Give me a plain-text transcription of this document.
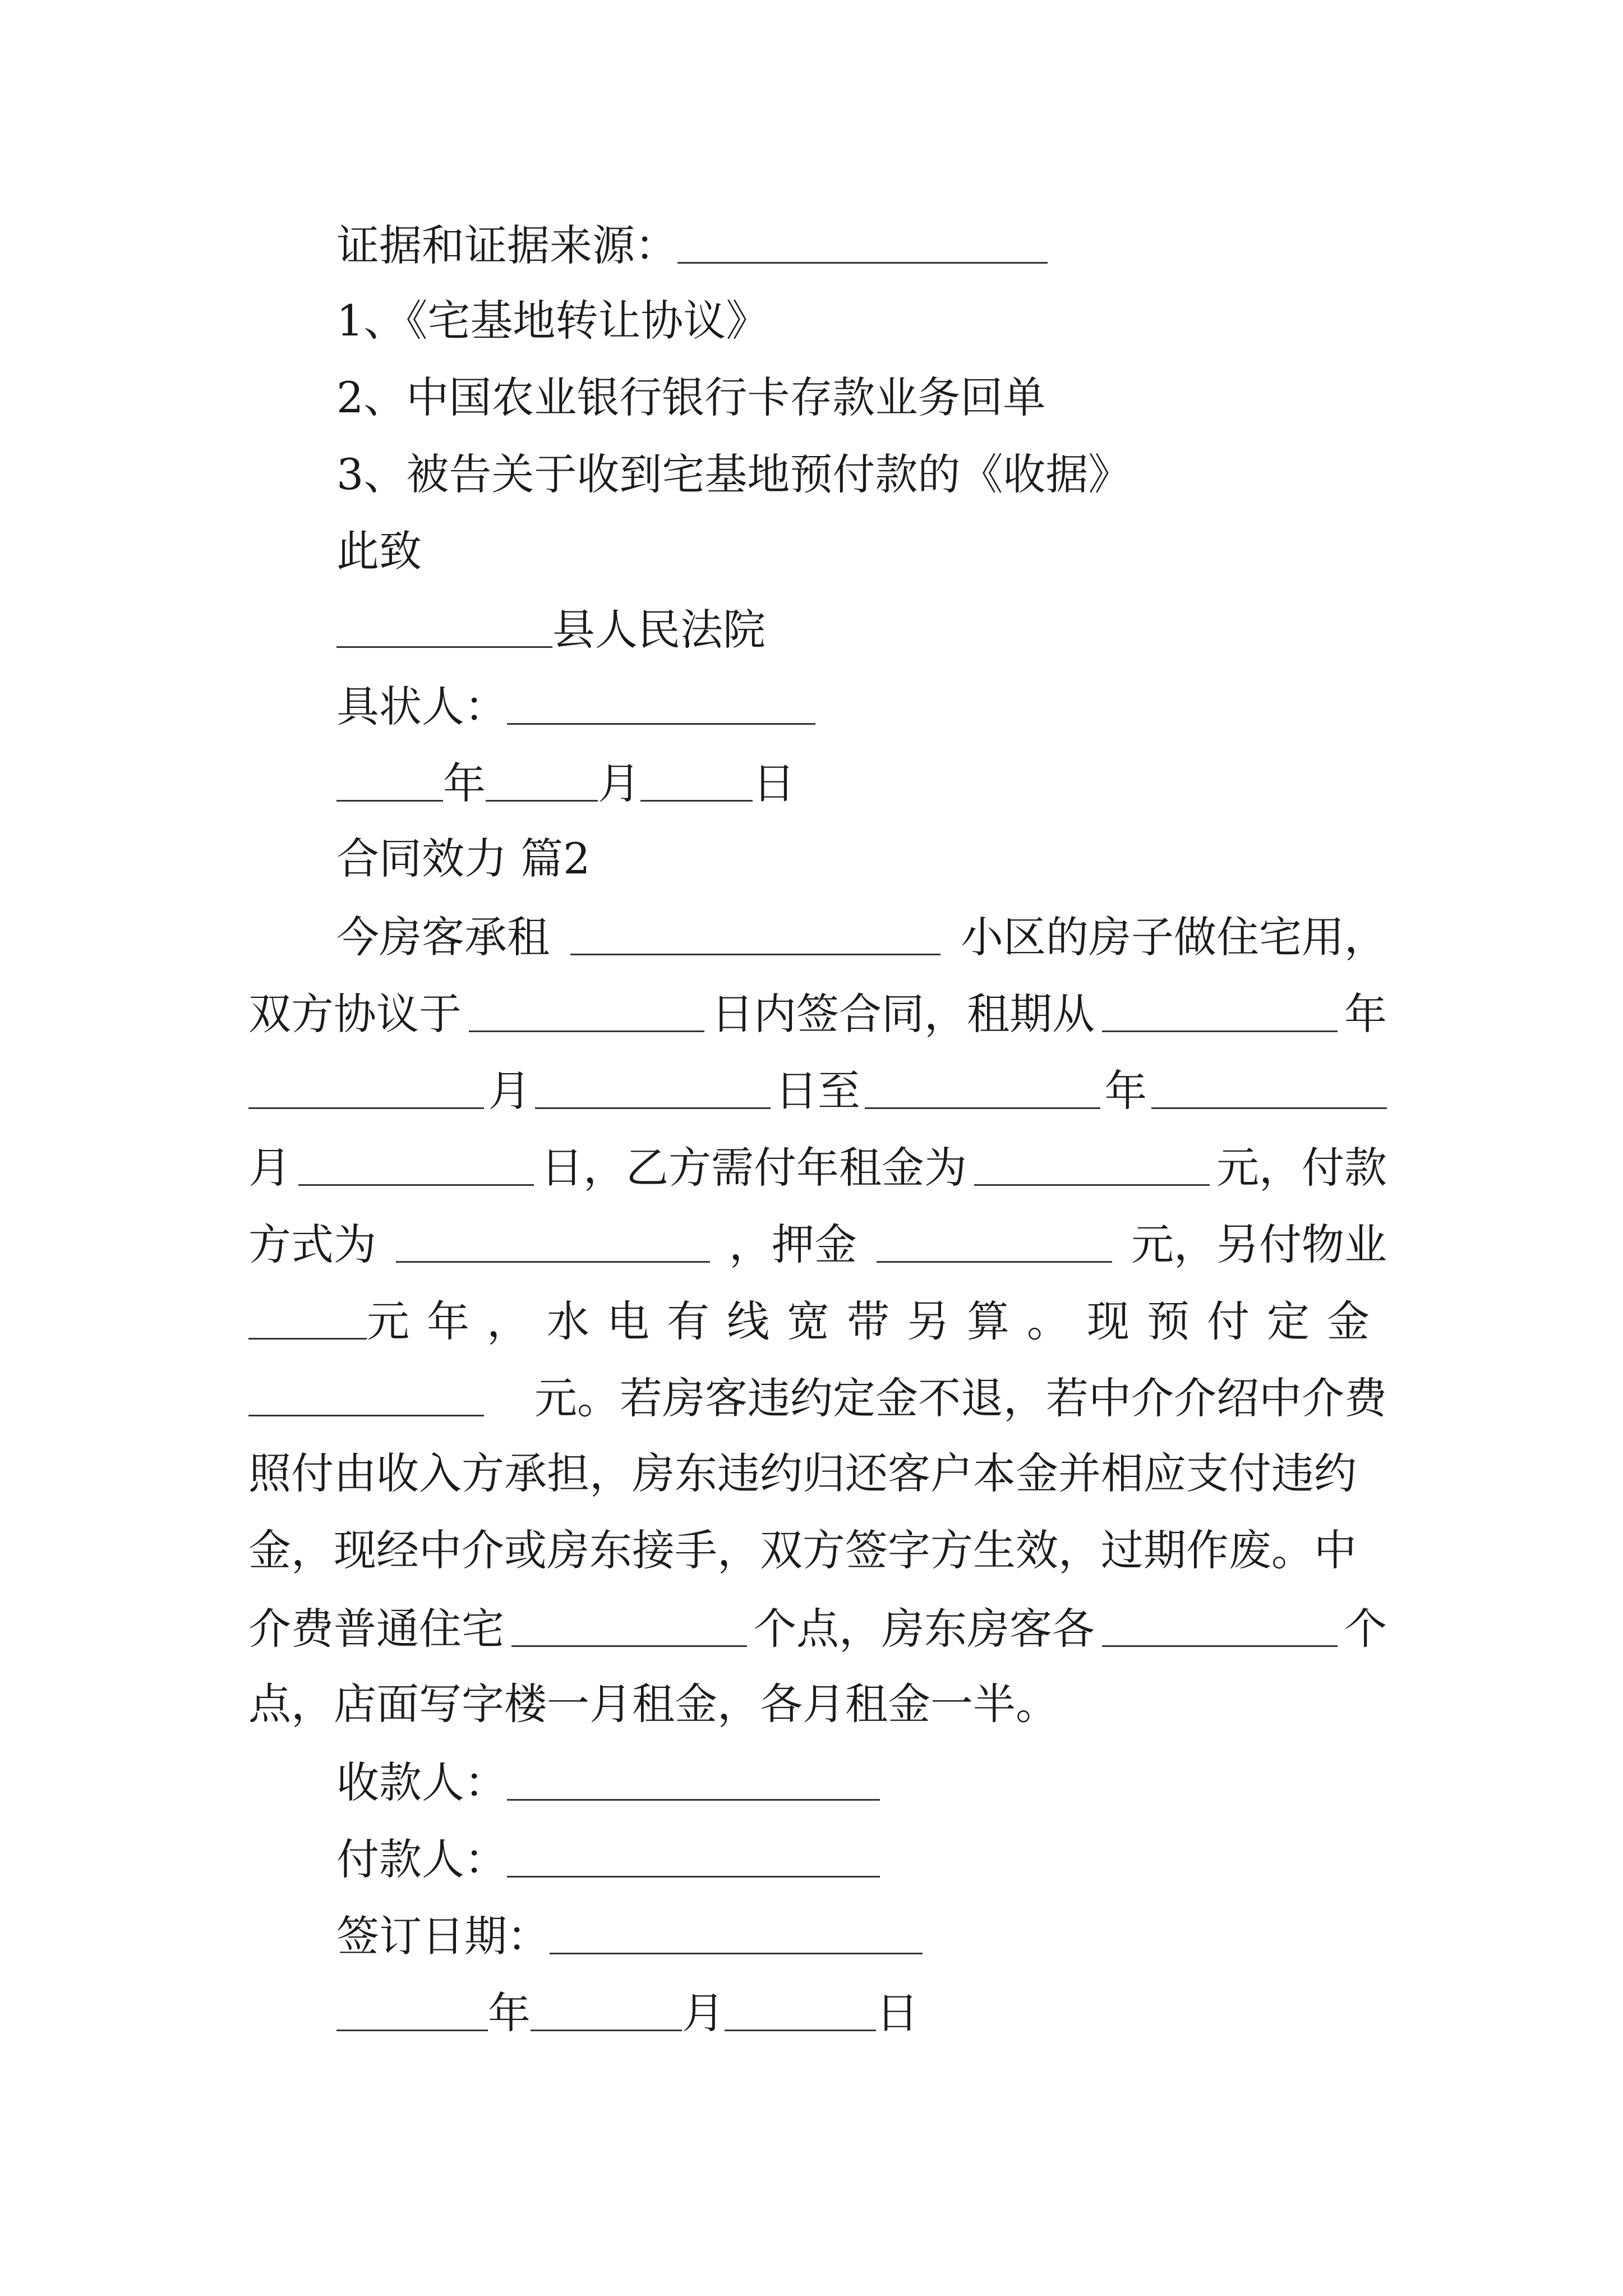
证据和证据来源：
1、《宅基地转让协议》
2、中国农业银行银行卡存款业务回单
3、被告关于收到宅基地预付款的《收据》
此致
县人民法院
具状人：
年	月	日
合同效力 篇2
今房客承租	小区的房子做住宅用，
双方协议于	日内签合同，租期从	年
月	日至	年
月	日，乙方需付年租金为	元，付款
方式为	，押金	元，另付物业
元年，水电有线宽带另算。现预付定金
元。若房客违约定金不退，若中介介绍中介费
照付由收入方承担，房东违约归还客户本金并相应支付违约
金，现经中介或房东接手，双方签字方生效，过期作废。中
介费普通住宅	个点，房东房客各	个
点，店面写字楼一月租金，各月租金一半。
收款人：
付款人：
签订日期：
年	月	日
